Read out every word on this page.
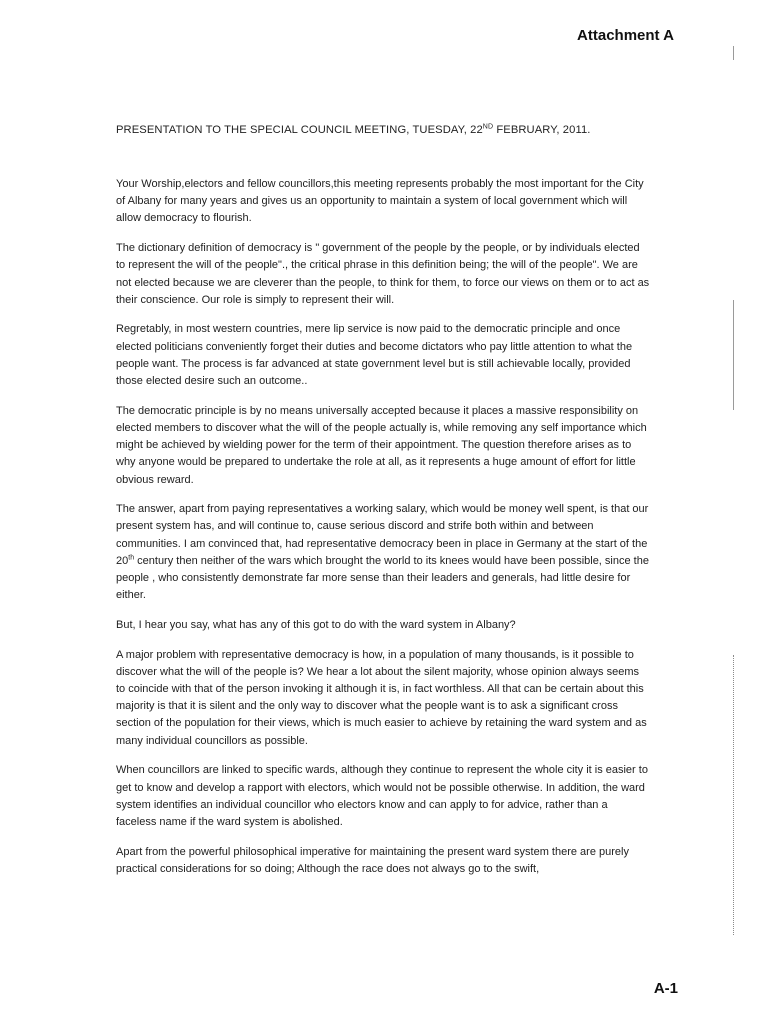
Attachment A
PRESENTATION TO THE SPECIAL COUNCIL MEETING, TUESDAY, 22ND FEBRUARY, 2011.

Your Worship,electors and fellow councillors,this meeting represents probably the most important for the City of Albany for many years and gives us an opportunity to maintain a system of local government which will allow democracy to flourish.

The dictionary definition of democracy is " government of the people by the people, or by individuals elected to represent the will of the people"., the critical phrase in this definition being; the will of the people". We are not elected because we are cleverer than the people, to think for them, to force our views on them or to act as their conscience. Our role is simply to represent their will.

Regretably, in most western countries, mere lip service is now paid to the democratic principle and once elected politicians conveniently forget their duties and become dictators who pay little attention to what the people want. The process is far advanced at state government level but is still achievable locally, provided those elected desire such an outcome..

The democratic principle is by no means universally accepted because it places a massive responsibility on elected members to discover what the will of the people actually is, while removing any self importance which might be achieved by wielding power for the term of their appointment. The question therefore arises as to why anyone would be prepared to undertake the role at all, as it represents a huge amount of effort for little obvious reward.

The answer, apart from paying representatives a working salary, which would be money well spent, is that our present system has, and will continue to, cause serious discord and strife both within and between communities. I am convinced that, had representative democracy been in place in Germany at the start of the 20th century then neither of the wars which brought the world to its knees would have been possible, since the people , who consistently demonstrate far more sense than their leaders and generals, had little desire for either.

But, I hear you say, what has any of this got to do with the ward system in Albany?

A major problem with representative democracy is how, in a population of many thousands, is it possible to discover what the will of the people is? We hear a lot about the silent majority, whose opinion always seems to coincide with that of the person invoking it although it is, in fact worthless. All that can be certain about this majority is that it is silent and the only way to discover what the people want is to ask a significant cross section of the population for their views, which is much easier to achieve by retaining the ward system and as many individual councillors as possible.

When councillors are linked to specific wards, although they continue to represent the whole city it is easier to get to know and develop a rapport with electors, which would not be possible otherwise. In addition, the ward system identifies an individual councillor who electors know and can apply to for advice, rather than a faceless name if the ward system is abolished.

Apart from the powerful philosophical imperative for maintaining the present ward system there are purely practical considerations for so doing; Although the race does not always go to the swift,

A-1
